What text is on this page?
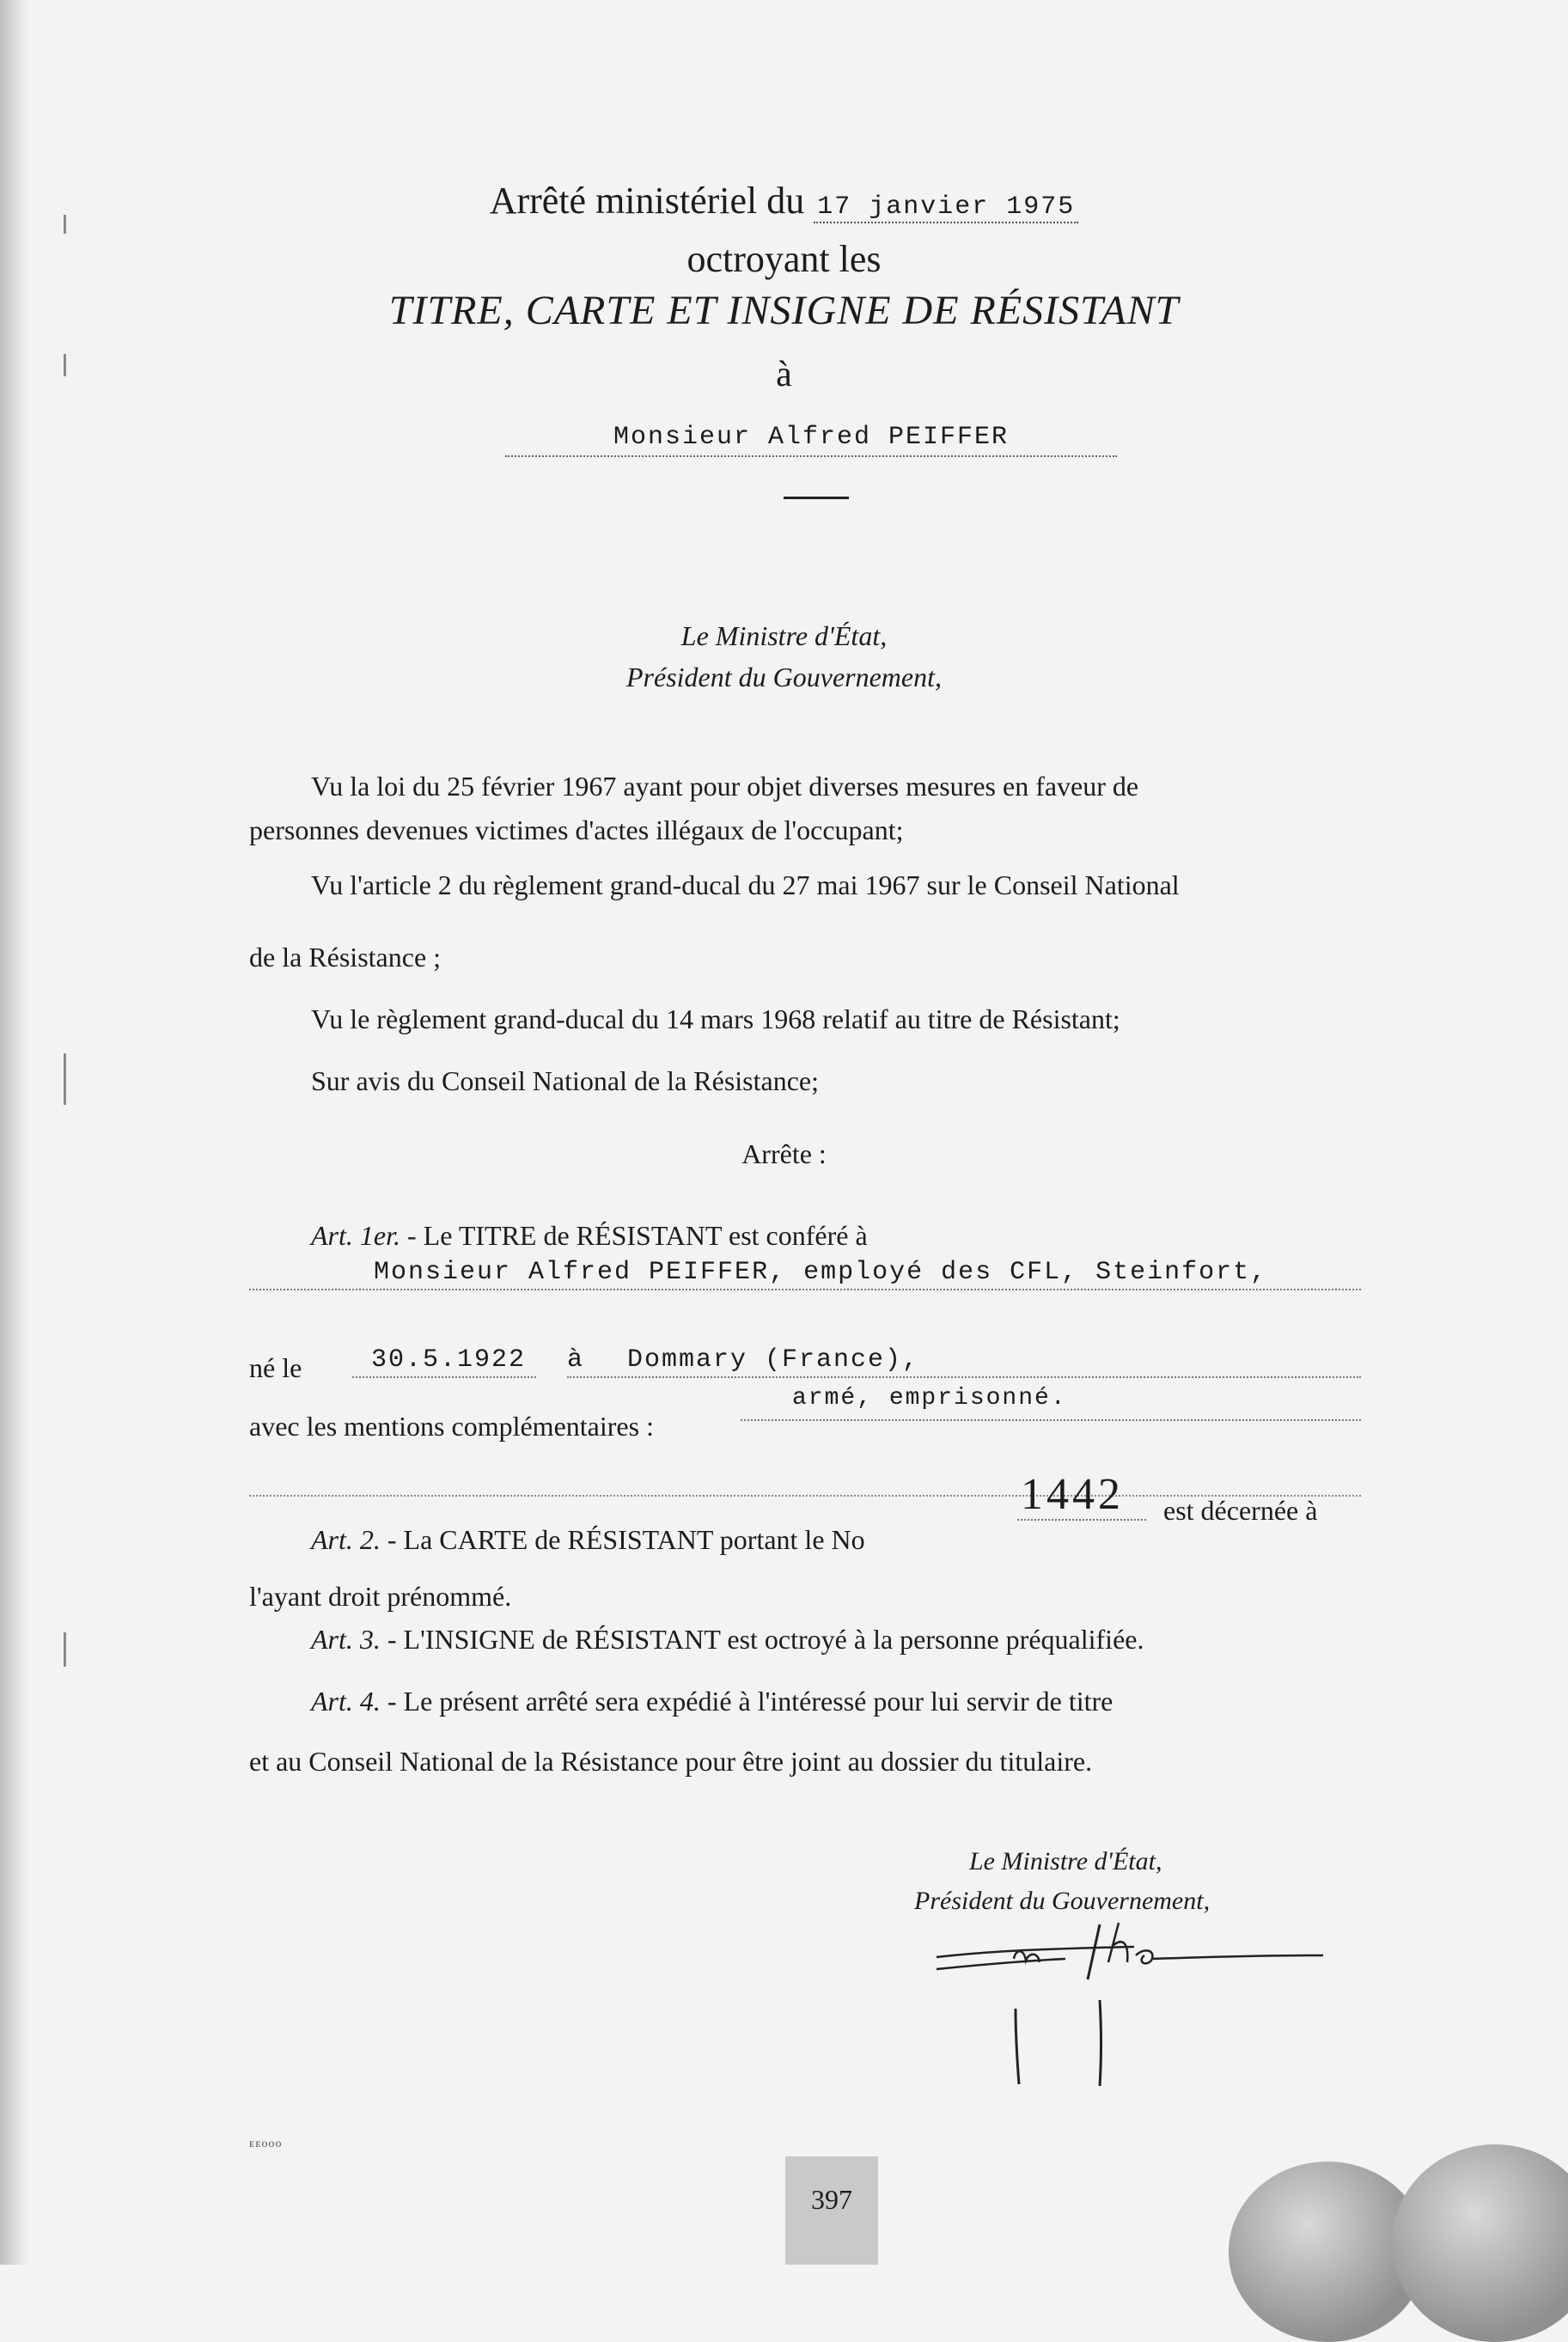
Arrêté ministériel du 17 janvier 1975
octroyant les
TITRE, CARTE ET INSIGNE DE RÉSISTANT
à
Monsieur Alfred PEIFFER
Le Ministre d'État,
Président du Gouvernement,
Vu la loi du 25 février 1967 ayant pour objet diverses mesures en faveur de
personnes devenues victimes d'actes illégaux de l'occupant;
Vu l'article 2 du règlement grand-ducal du 27 mai 1967 sur le Conseil National
de la Résistance ;
Vu le règlement grand-ducal du 14 mars 1968 relatif au titre de Résistant;
Sur avis du Conseil National de la Résistance;
Arrête :
Art. 1er. - Le TITRE de RÉSISTANT est conféré à
Monsieur Alfred PEIFFER, employé des CFL, Steinfort,
né le	30.5.1922 à Dommary (France),
avec les mentions complémentaires :
armé, emprisonné.
Art. 2. - La CARTE de RÉSISTANT portant le No
1442 est décernée à
l'ayant droit prénommé.
Art. 3. - L'INSIGNE de RÉSISTANT est octroyé à la personne préqualifiée.
Art. 4. - Le présent arrêté sera expédié à l'intéressé pour lui servir de titre
et au Conseil National de la Résistance pour être joint au dossier du titulaire.
Le Ministre d'État,
Président du Gouvernement,
ᴇᴇᴏᴏᴏ
397
